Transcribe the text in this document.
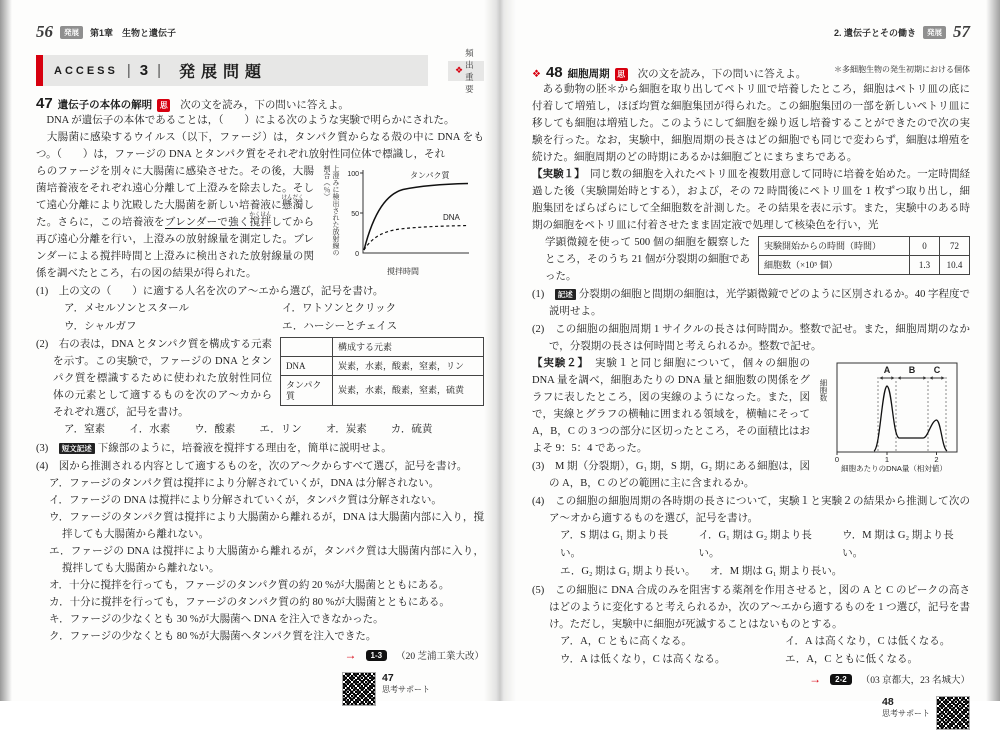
56	発展	第1章　生物と遺伝子
ACCESS | 3 | 発展問題	❖
頻出重要
47 遺伝子の本体の解明 思 次の文を読み，下の問いに答えよ。
　DNA が遺伝子の本体であることは，（　　）による次のような実験で明らかにされた。
　大腸菌に感染するウイルス（以下，ファージ）は，タンパク質からなる殻の中に DNA をもつ。（　　）は，ファージの DNA とタンパク質をそれぞれ放射性同位体で標識し，それ
上澄みに検出された放射線の割合（％）	100
50
0
タンパク質
DNA
撹拌時間
らのファージを別々に大腸菌に感染させた。その後，大腸菌培養液をそれぞれ遠心分離して上澄みを除去した。そして遠心分離により沈殿した大腸菌を新しい培養液に懸濁けんだくした。さらに，この培養液をブレンダーで強く撹拌かくはんしてから再び遠心分離を行い，上澄みの放射線量を測定した。ブレンダーによる撹拌時間と上澄みに検出された放射線量の関係を調べたところ，右の図の結果が得られた。
(1)　 上の文の（　　）に適する人名を次のア～エから選び，記号を書け。
ア．メセルソンとスタール	イ．ワトソンとクリック
ウ．シャルガフ	エ．ハーシーとチェイス
	構成する元素
DNA	炭素，水素，酸素，窒素，リン
タンパク質	炭素，水素，酸素，窒素，硫黄
(2)　 右の表は，DNA とタンパク質を構成する元素を示す。この実験で，ファージの DNA とタンパク質を標識するために使われた放射性同位体の元素として適するものを次のア～カからそれぞれ選び，記号を書け。
ア．窒素 イ．水素 ウ．酸素 エ．リン オ．炭素 カ．硫黄
(3)　 短文記述 下線部のように，培養液を撹拌する理由を，簡単に説明せよ。
(4)　 図から推測される内容として適するものを，次のア～クからすべて選び，記号を書け。
ア．ファージのタンパク質は撹拌により分解されていくが，DNA は分解されない。
イ．ファージの DNA は撹拌により分解されていくが，タンパク質は分解されない。
ウ．ファージのタンパク質は撹拌により大腸菌から離れるが，DNA は大腸菌内部に入り，撹拌しても大腸菌から離れない。
エ．ファージの DNA は撹拌により大腸菌から離れるが，タンパク質は大腸菌内部に入り，撹拌しても大腸菌から離れない。
オ．十分に撹拌を行っても，ファージのタンパク質の約 20 %が大腸菌とともにある。
カ．十分に撹拌を行っても，ファージのタンパク質の約 80 %が大腸菌とともにある。
キ．ファージの少なくとも 30 %が大腸菌へ DNA を注入できなかった。
ク．ファージの少なくとも 80 %が大腸菌へタンパク質を注入できた。
→	1-3	（20 芝浦工業大改）
47
思考サポート
2. 遺伝子とその働き	発展 57
❖ 48 細胞周期 思 次の文を読み，下の問いに答えよ。	＊多細胞生物の発生初期における個体
　ある動物の胚＊から細胞を取り出してペトリ皿で培養したところ，細胞はペトリ皿の底に付着して増殖し，ほぼ均質な細胞集団が得られた。この細胞集団の一部を新しいペトリ皿に移しても細胞は増殖した。このようにして細胞を繰り返し培養することができたので次の実験を行った。なお，実験中，細胞周期の長さはどの細胞でも同じで変わらず，細胞は増殖を続けた。細胞周期のどの時期にあるかは細胞ごとにまちまちである。
【実験１】　同じ数の細胞を入れたペトリ皿を複数用意して同時に培養を始めた。一定時間経過した後（実験開始時とする），および，その 72 時間後にペトリ皿を 1 枚ずつ取り出し，細胞集団をばらばらにして全細胞数を計測した。その結果を表に示す。また，実験中のある時期の細胞をペトリ皿に付着させたまま固定液で処理して核染色を行い，光
実験開始からの時間（時間）	0	72
細胞数（×10⁵ 個）	1.3	10.4
学顕微鏡を使って 500 個の細胞を観察したところ，そのうち 21 個が分裂期の細胞であった。
(1)　 記述 分裂期の細胞と間期の細胞は，光学顕微鏡でどのように区別されるか。40 字程度で説明せよ。
(2)　 この細胞の細胞周期 1 サイクルの長さは何時間か。整数で記せ。また，細胞周期のなかで，分裂期の長さは何時間と考えられるか。整数で記せ。
細胞数
A B C
0	1	2
細胞あたりのDNA量（相対値）
【実験２】　実験１と同じ細胞について，個々の細胞の DNA 量を調べ，細胞あたりの DNA 量と細胞数の関係をグラフに表したところ，図の実線のようになった。また，図で，実線とグラフの横軸に囲まれる領域を，横軸にそって A，B，C の 3 つの部分に区切ったところ，その面積比はおよそ 9：5：4 であった。
(3)　 M 期（分裂期），G₁ 期，S 期，G₂ 期にある細胞は，図の A，B，C のどの範囲に主に含まれるか。
(4)　 この細胞の細胞周期の各時期の長さについて，実験１と実験２の結果から推測して次のア～オから適するものを選び，記号を書け。
ア．S 期は G₁ 期より長い。
イ．G₁ 期は G₂ 期より長い。
ウ．M 期は G₂ 期より長い。
エ．G₂ 期は G₁ 期より長い。 オ．M 期は G₁ 期より長い。
(5)　 この細胞に DNA 合成のみを阻害する薬剤を作用させると，図の A と C のピークの高さはどのように変化すると考えられるか，次のア～エから適するものを 1 つ選び，記号を書け。ただし，実験中に細胞が死滅することはないものとする。
ア．A，C ともに高くなる。	イ．A は高くなり，C は低くなる。
ウ．A は低くなり，C は高くなる。	エ．A，C ともに低くなる。
→	2-2	（03 京都大，23 名城大）
48
思考サポート
